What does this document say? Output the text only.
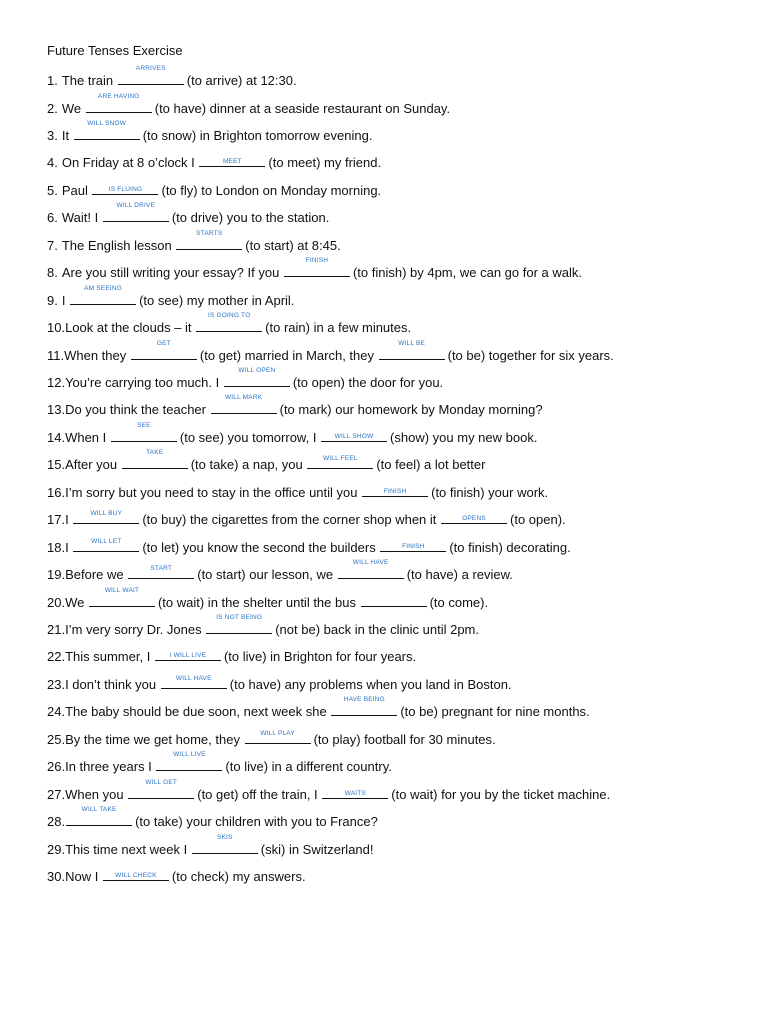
Future Tenses Exercise
1. The train
ARRIVES
(to arrive) at 12:30.
2. We
ARE HAVING
(to have) dinner at a seaside restaurant on Sunday.
3. It
WILL SNOW
(to snow) in Brighton tomorrow evening.
4. On Friday at 8 o’clock I	MEET	(to meet) my friend.
5. Paul	IS FLUING	(to fly) to London on Monday morning.
6. Wait! I
WILL DRIVE
(to drive) you to the station.
7. The English lesson
STARTS
(to start) at 8:45.
8. Are you still writing your essay? If you
FINISH
(to finish) by 4pm, we can go for a walk.
9. I
AM SEEING
(to see) my mother in April.
10.Look at the clouds – it
IS GOING TO
(to rain) in a few minutes.
11.When they
GET
(to get) married in March, they
WILL BE
(to be) together for six years.
12.You’re carrying too much. I
WILL OPEN
(to open) the door for you.
13.Do you think the teacher
WILL MARK
(to mark) our homework by Monday morning?
14.When I
SEE
(to see) you tomorrow, I	WILL SHOW	(show) you my new book.
15.After you
TAKE
(to take) a nap, you	WILL FEEL	(to feel) a lot better
16.I’m sorry but you need to stay in the office until you	FINISH	(to finish) your work.
17.I	WILL BUY	(to buy) the cigarettes from the corner shop when it	OPENS	(to open).
18.I	WILL LET	(to let) you know the second the builders	FINISH	(to finish) decorating.
19.Before we	START	(to start) our lesson, we
WILL HAVE
(to have) a review.
20.We
WILL WAIT
(to wait) in the shelter until the bus	(to come).
21.I’m very sorry Dr. Jones
IS NOT BEING
(not be) back in the clinic until 2pm.
22.This summer, I	I WILL LIVE	(to live) in Brighton for four years.
23.I don’t think you	WILL HAVE	(to have) any problems when you land in Boston.
24.The baby should be due soon, next week she
HAVE BEING
(to be) pregnant for nine months.
25.By the time we get home, they	WILL PLAY	(to play) football for 30 minutes.
26.In three years I
WILL LIVE
(to live) in a different country.
27.When you
WILL GET
(to get) off the train, I	WAITS	(to wait) for you by the ticket machine.
28.
WILL TAKE
(to take) your children with you to France?
29.This time next week I
SKIS
(ski) in Switzerland!
30.Now I	WILL CHECK	(to check) my answers.
